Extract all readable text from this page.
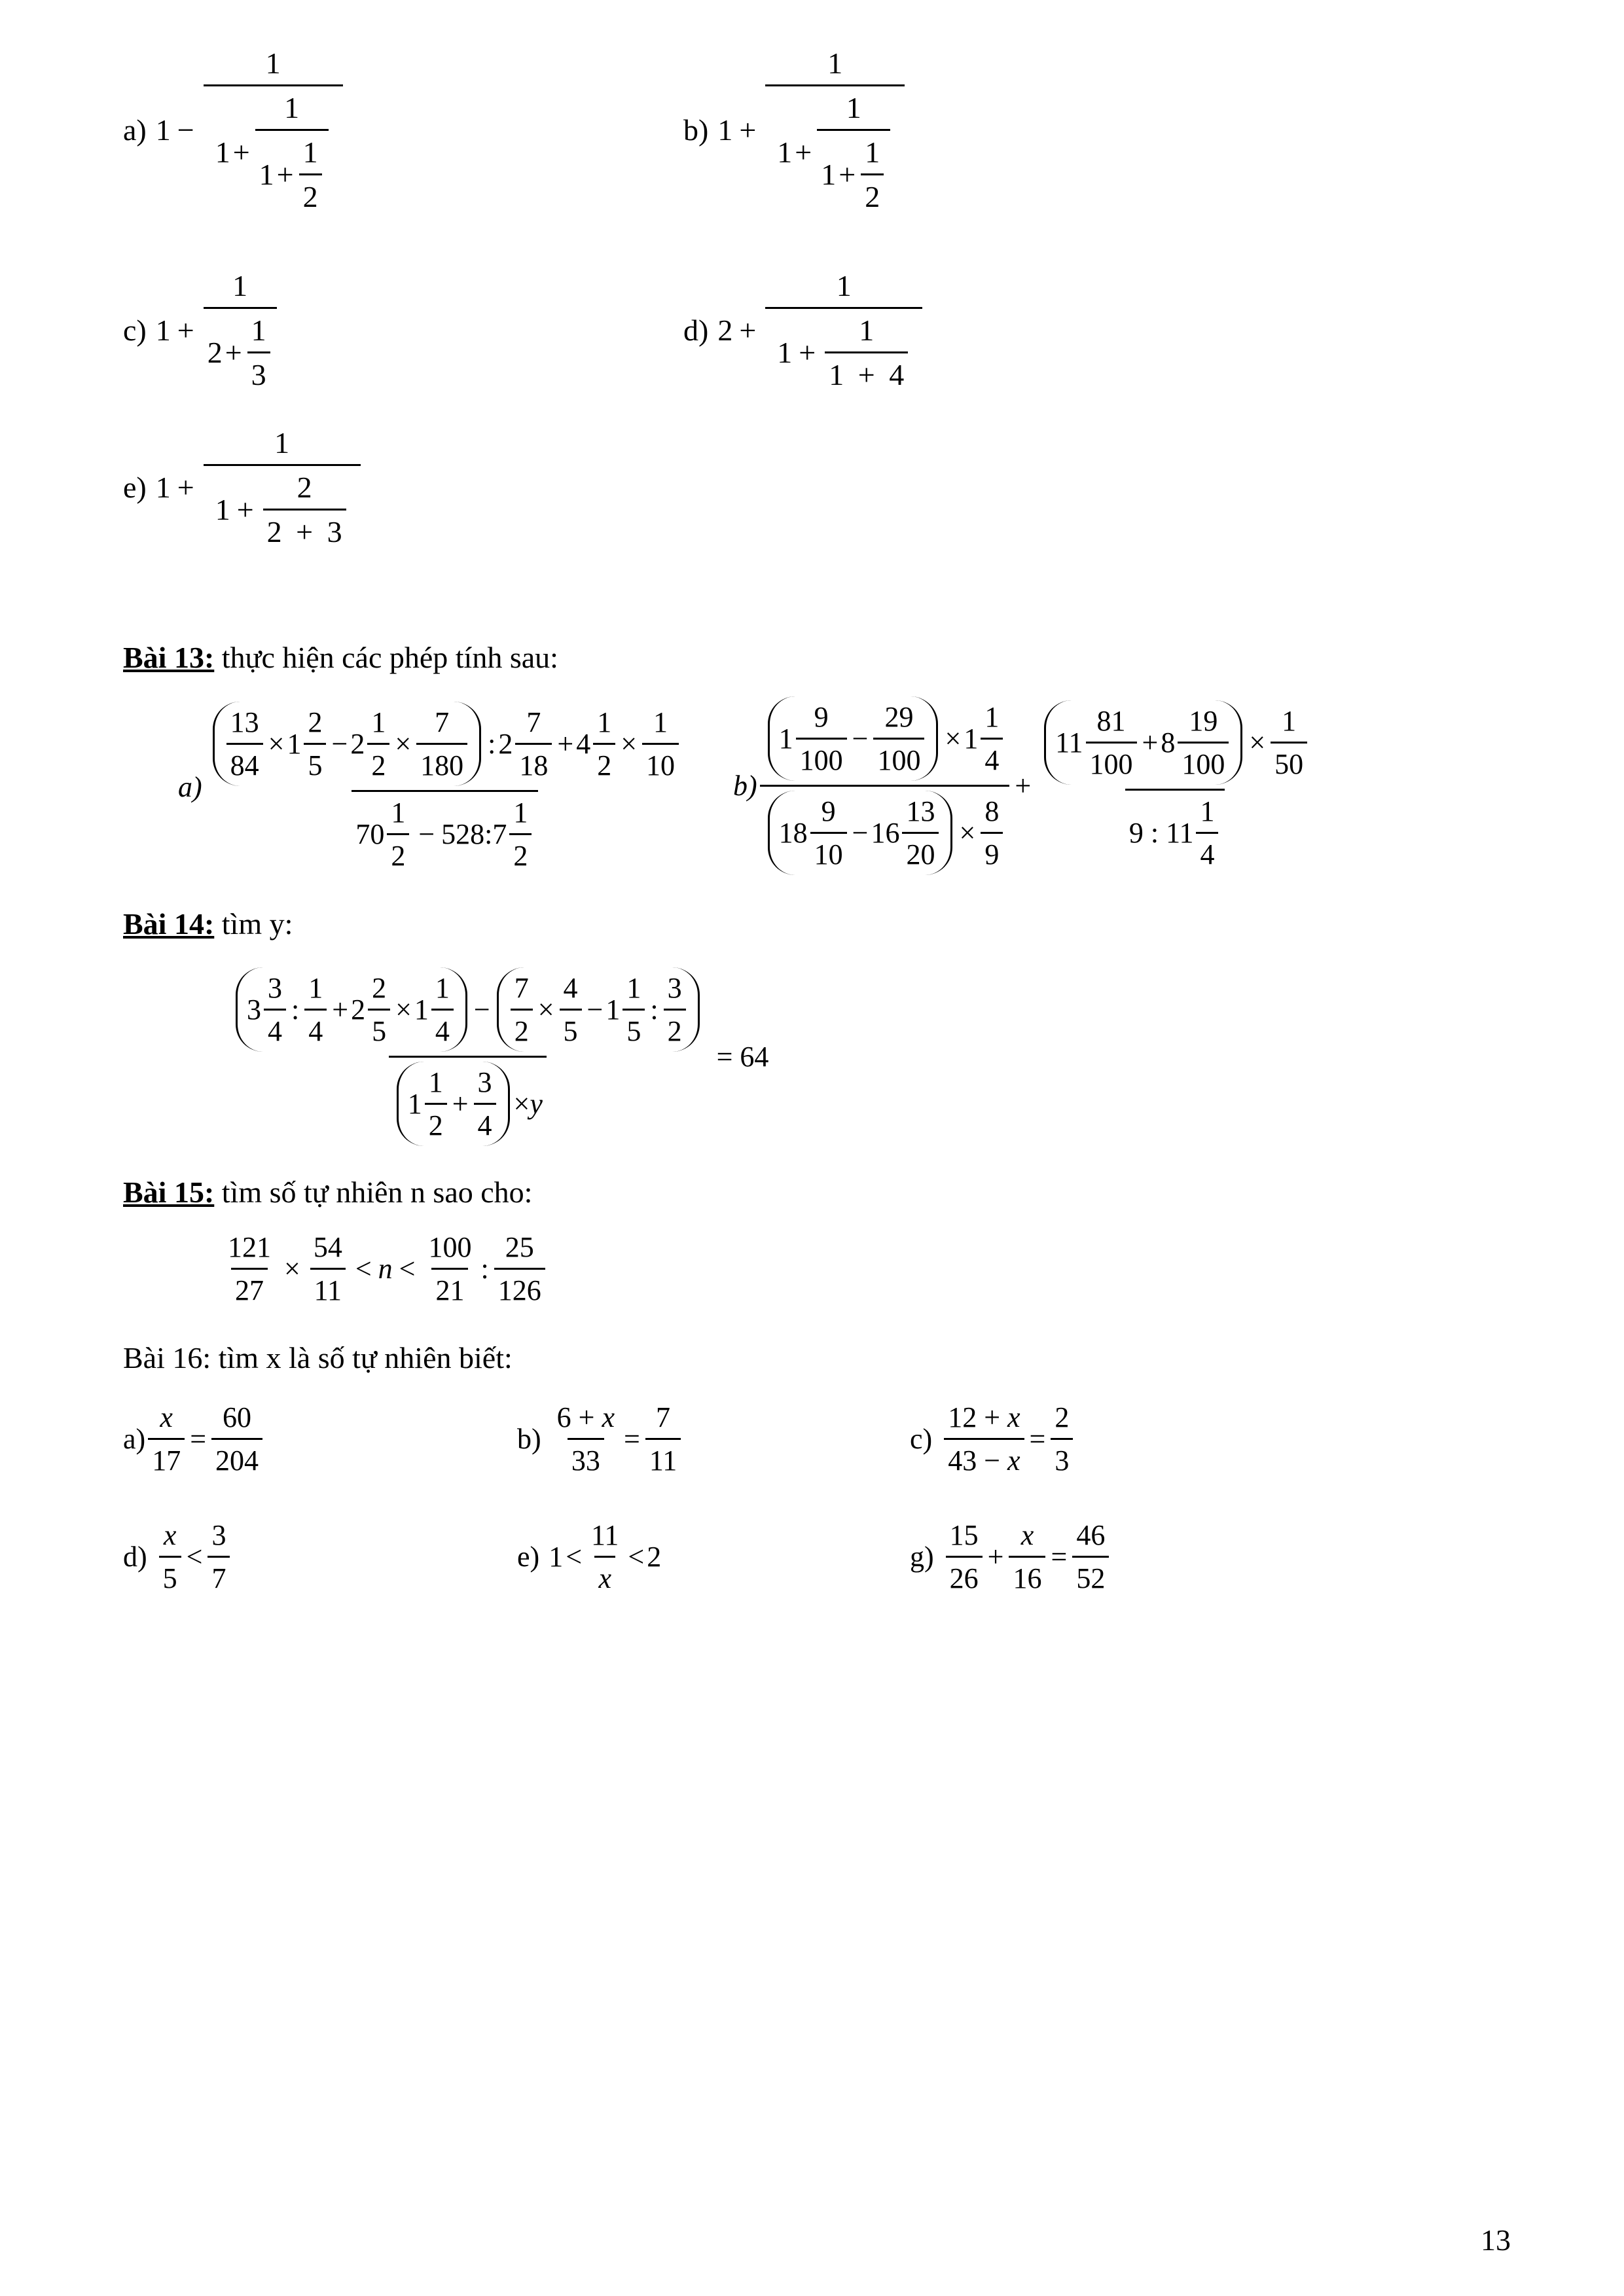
a) 1 −
1
1 +
1
$1 + \frac{1}{2}$
b) 1 +
1
1 +
1
$1 + \frac{1}{2}$
c) $1 + \frac{1}{2 + \frac{1}{3}}$	d) 2 +
1
$1 + \frac{1}{1 + 4}$
e) 1 +
1
$1 + \frac{2}{2 + 3}$
Bài 13: thực hiện các phép tính sau:
a)
$\frac{13}{84} \times 1 \frac{2}{5} - 2 \frac{1}{2} \times \frac{7}{180}$ : $2 \frac{7}{18} + 4 \frac{1}{2} \times \frac{1}{10}$
$70 \frac{1}{2}$ − 528:7 $\frac{1}{2}$
b)
$1 \frac{9}{100} - \frac{29}{100} \times 1 \frac{1}{4}$
$18 \frac{9}{10} - 16 \frac{13}{20} \times \frac{8}{9}$
+
$11 \frac{81}{100} + 8 \frac{19}{100} \times \frac{1}{50}$
9 : $11 \frac{1}{4}$
Bài 14: tìm y:
$3 \frac{3}{4}$ : $\frac{1}{4} + 2 \frac{2}{5} \times 1 \frac{1}{4} - \frac{7}{2} \times \frac{4}{5} - 1 \frac{1}{5}$ : $\frac{3}{2}$
$1 \frac{1}{2} + \frac{3}{4} \times y$
= 64
Bài 15: tìm số tự nhiên n sao cho:
$\frac{121}{27} \times \frac{54}{11} < n < \frac{100}{21}$ : $\frac{25}{126}$
Bài 16: tìm x là số tự nhiên biết:
$a) \frac{x}{17} = \frac{60}{204}$	$b) \frac{6 + x}{33} = \frac{7}{11}$	$c) \frac{12 + x}{43 - x} = \frac{2}{3}$
$d) \frac{x}{5} < \frac{3}{7}$	e) $1 < \frac{11}{x} < 2$	$g) \frac{15}{26} + \frac{x}{16} = \frac{46}{52}$
13
